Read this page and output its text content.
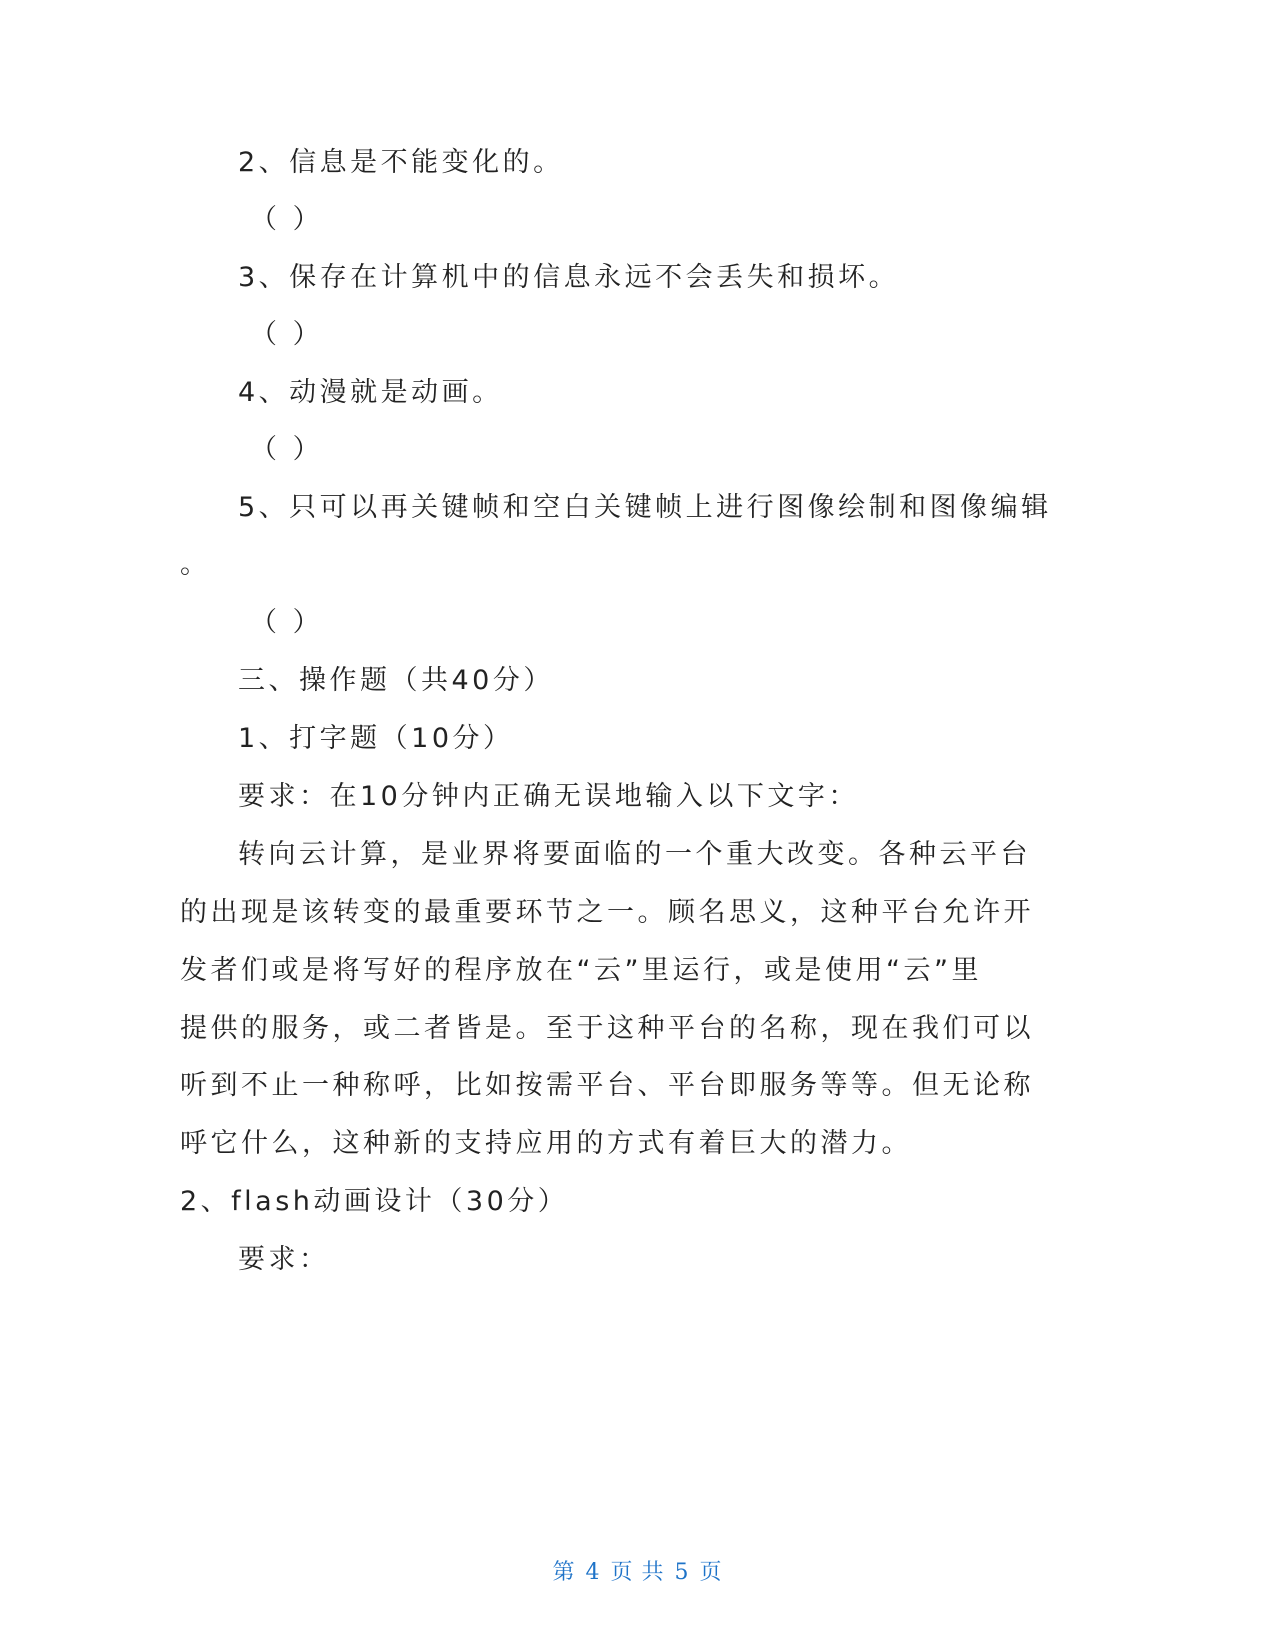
2、信息是不能变化的。
（ ）
3、保存在计算机中的信息永远不会丢失和损坏。
（ ）
4、动漫就是动画。
（ ）
5、只可以再关键帧和空白关键帧上进行图像绘制和图像编辑
。
（ ）
三、操作题（共40分）
1、打字题（10分）
要求：在10分钟内正确无误地输入以下文字：
转向云计算，是业界将要面临的一个重大改变。各种云平台
的出现是该转变的最重要环节之一。顾名思义，这种平台允许开
发者们或是将写好的程序放在“云”里运行，或是使用“云”里
提供的服务，或二者皆是。至于这种平台的名称，现在我们可以
听到不止一种称呼，比如按需平台、平台即服务等等。但无论称
呼它什么，这种新的支持应用的方式有着巨大的潜力。
2、flash动画设计（30分）
要求：
第 4 页 共 5 页
